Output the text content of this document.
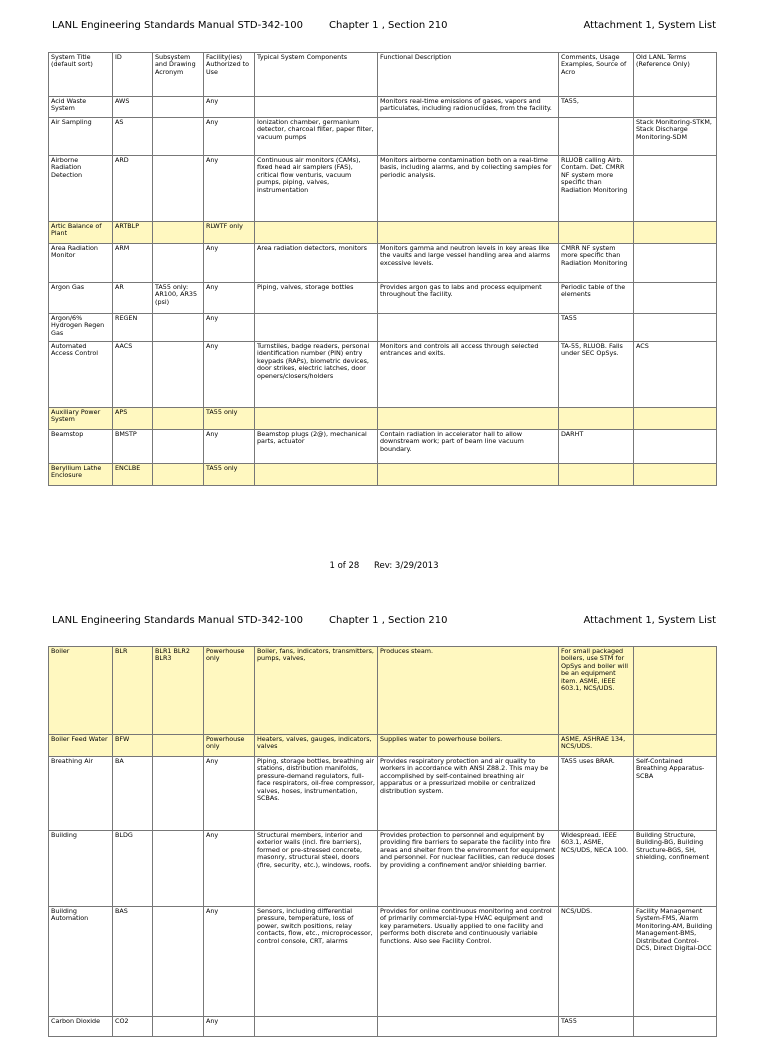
LANL Engineering Standards Manual STD-342-100	Chapter 1 , Section 210	Attachment 1, System List
System Title (default sort)	ID	Subsystem and Drawing Acronym	Facility(ies) Authorized to Use	Typical System Components	Functional Description	Comments, Usage Examples, Source of Acro	Old LANL Terms (Reference Only)
Acid Waste System	AWS		Any		Monitors real-time emissions of gases, vapors and particulates, including radionuclides, from the facility.	TA55,	
Air Sampling	AS		Any	Ionization chamber, germanium detector, charcoal filter, paper filter, vacuum pumps			Stack Monitoring-STKM, Stack Discharge Monitoring-SDM
Airborne Radiation Detection	ARD		Any	Continuous air monitors (CAMs), fixed head air samplers (FAS), critical flow venturis, vacuum pumps, piping, valves, instrumentation	Monitors airborne contamination both on a real-time basis, including alarms, and by collecting samples for periodic analysis.	RLUOB calling Airb. Contam. Det. CMRR NF system more specific than Radiation Monitoring	
Artic Balance of Plant	ARTBLP		RLWTF only				
Area Radiation Monitor	ARM		Any	Area radiation detectors, monitors	Monitors gamma and neutron levels in key areas like the vaults and large vessel handling area and alarms excessive levels.	CMRR NF system more specific than Radiation Monitoring	
Argon Gas	AR	TA55 only: AR100, AR35 (psi)	Any	Piping, valves, storage bottles	Provides argon gas to labs and process equipment throughout the facility.	Periodic table of the elements	
Argon/6% Hydrogen Regen Gas	REGEN		Any			TA55	
Automated Access Control	AACS		Any	Turnstiles, badge readers, personal identification number (PIN) entry keypads (RAPs), biometric devices, door strikes, electric latches, door openers/closers/holders	Monitors and controls all access through selected entrances and exits.	TA-55, RLUOB. Falls under SEC OpSys.	ACS
Auxiliary Power System	APS		TA55 only				
Beamstop	BMSTP		Any	Beamstop plugs (2@), mechanical parts, actuator	Contain radiation in accelerator hall to allow downstream work; part of beam line vacuum boundary.	DARHT	
Beryllium Lathe Enclosure	ENCLBE		TA55 only				
1 of 28 Rev: 3/29/2013
LANL Engineering Standards Manual STD-342-100	Chapter 1 , Section 210	Attachment 1, System List
Boiler	BLR	BLR1 BLR2 BLR3	Powerhouse only	Boiler, fans, indicators, transmitters, pumps, valves,	Produces steam.	For small packaged boilers, use STM for OpSys and boiler will be an equipment item. ASME, IEEE 603.1, NCS/UDS.	
Boiler Feed Water	BFW		Powerhouse only	Heaters, valves, gauges, indicators, valves	Supplies water to powerhouse boilers.	ASME, ASHRAE 134, NCS/UDS.	
Breathing Air	BA		Any	Piping, storage bottles, breathing air stations, distribution manifolds, pressure-demand regulators, full-face respirators, oil-free compressor, valves, hoses, instrumentation, SCBAs.	Provides respiratory protection and air quality to workers in accordance with ANSI Z88.2. This may be accomplished by self-contained breathing air apparatus or a pressurized mobile or centralized distribution system.	TA55 uses BRAR.	Self-Contained Breathing Apparatus-SCBA
Building	BLDG		Any	Structural members, interior and exterior walls (incl. fire barriers), formed or pre-stressed concrete, masonry, structural steel, doors (fire, security, etc.), windows, roofs.	Provides protection to personnel and equipment by providing fire barriers to separate the facility into fire areas and shelter from the environment for equipment and personnel. For nuclear facilities, can reduce doses by providing a confinement and/or shielding barrier.	Widespread. IEEE 603.1, ASME, NCS/UDS, NECA 100.	Building Structure, Building-BG, Building Structure-BGS, SH, shielding, confinement
Building Automation	BAS		Any	Sensors, including differential pressure, temperature, loss of power, switch positions, relay contacts, flow, etc., microprocessor, control console, CRT, alarms	Provides for online continuous monitoring and control of primarily commercial-type HVAC equipment and key parameters. Usually applied to one facility and performs both discrete and continuously variable functions. Also see Facility Control.	NCS/UDS.	Facility Management System-FMS, Alarm Monitoring-AM, Building Management-BMS, Distributed Control-DCS, Direct Digital-DCC
Carbon Dioxide	CO2		Any			TA55	
